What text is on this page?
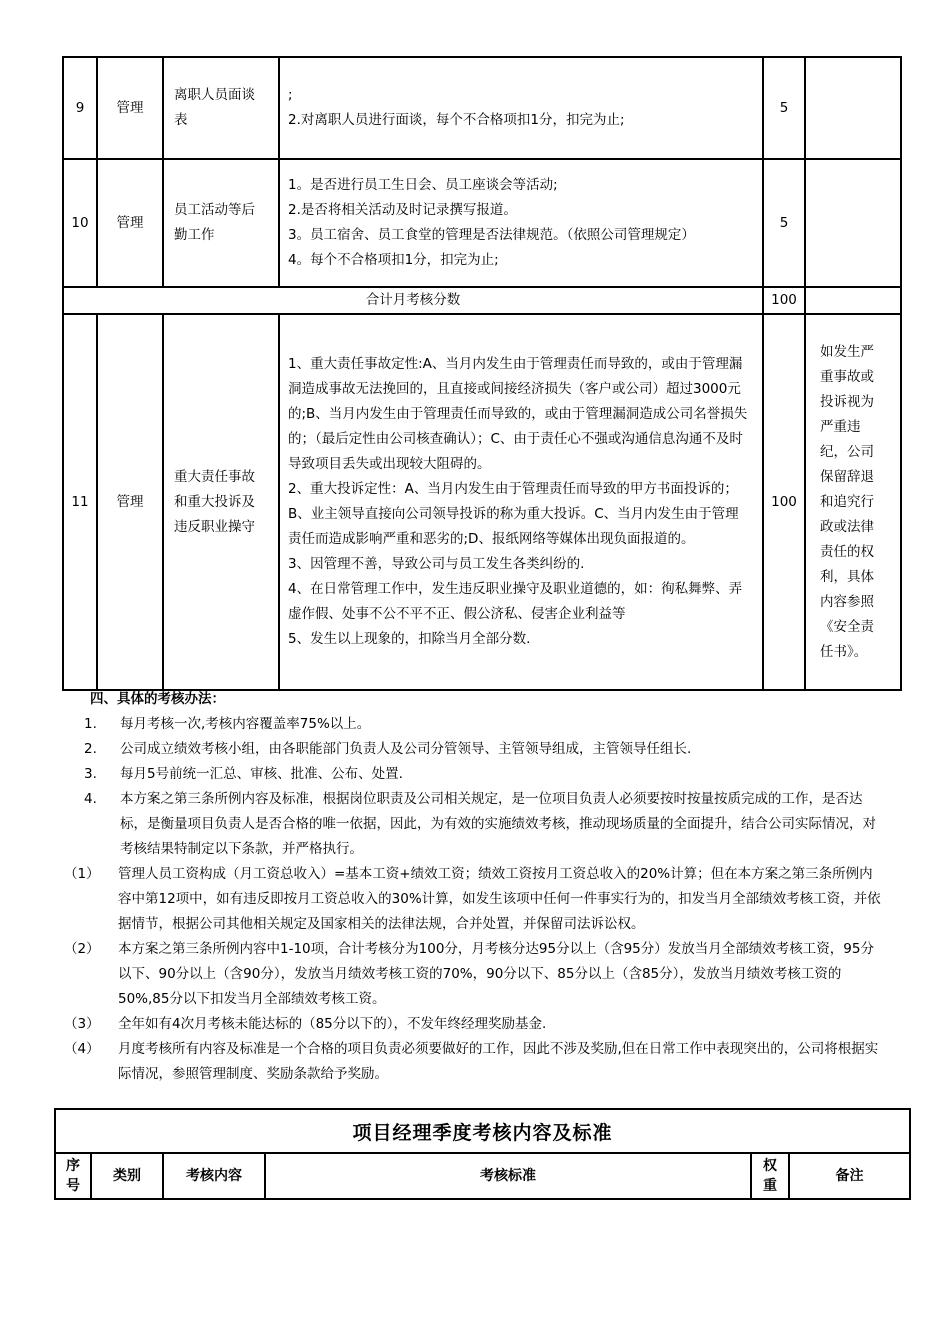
9	管理	离职人员面谈表	;
2.对离职人员进行面谈，每个不合格项扣1分，扣完为止;	5	
10	管理	员工活动等后勤工作	1。是否进行员工生日会、员工座谈会等活动;
2.是否将相关活动及时记录撰写报道。
3。员工宿舍、员工食堂的管理是否法律规范。（依照公司管理规定）
4。每个不合格项扣1分，扣完为止;	5	
合计月考核分数				100	
11	管理	重大责任事故和重大投诉及违反职业操守	1、重大责任事故定性:A、当月内发生由于管理责任而导致的，或由于管理漏洞造成事故无法挽回的，且直接或间接经济损失（客户或公司）超过3000元的;B、当月内发生由于管理责任而导致的，或由于管理漏洞造成公司名誉损失的；（最后定性由公司核查确认）；C、由于责任心不强或沟通信息沟通不及时导致项目丢失或出现较大阻碍的。
2、重大投诉定性：A、当月内发生由于管理责任而导致的甲方书面投诉的；B、业主领导直接向公司领导投诉的称为重大投诉。C、当月内发生由于管理责任而造成影响严重和恶劣的;D、报纸网络等媒体出现负面报道的。
3、因管理不善，导致公司与员工发生各类纠纷的.
4、在日常管理工作中，发生违反职业操守及职业道德的，如：徇私舞弊、弄虚作假、处事不公不平不正、假公济私、侵害企业利益等
5、发生以上现象的，扣除当月全部分数.	100	如发生严重事故或投诉视为严重违纪，公司保留辞退和追究行政或法律责任的权利，具体内容参照《安全责任书》。
四、具体的考核办法：
1.	每月考核一次,考核内容覆盖率75%以上。
2.	公司成立绩效考核小组，由各职能部门负责人及公司分管领导、主管领导组成，主管领导任组长.
3.	每月5号前统一汇总、审核、批准、公布、处置.
4.	本方案之第三条所例内容及标准，根据岗位职责及公司相关规定，是一位项目负责人必须要按时按量按质完成的工作，是否达标，是衡量项目负责人是否合格的唯一依据，因此，为有效的实施绩效考核，推动现场质量的全面提升，结合公司实际情况，对考核结果特制定以下条款，并严格执行。
（1）	管理人员工资构成（月工资总收入）=基本工资+绩效工资；绩效工资按月工资总收入的20%计算；但在本方案之第三条所例内容中第12项中，如有违反即按月工资总收入的30%计算，如发生该项中任何一件事实行为的，扣发当月全部绩效考核工资，并依据情节，根据公司其他相关规定及国家相关的法律法规，合并处置，并保留司法诉讼权。
（2）	本方案之第三条所例内容中1-10项，合计考核分为100分，月考核分达95分以上（含95分）发放当月全部绩效考核工资，95分以下、90分以上（含90分），发放当月绩效考核工资的70%，90分以下、85分以上（含85分），发放当月绩效考核工资的50%,85分以下扣发当月全部绩效考核工资。
（3）	全年如有4次月考核未能达标的（85分以下的），不发年终经理奖励基金.
（4）	月度考核所有内容及标准是一个合格的项目负责必须要做好的工作，因此不涉及奖励,但在日常工作中表现突出的，公司将根据实际情况，参照管理制度、奖励条款给予奖励。
项目经理季度考核内容及标准
序号	类别	考核内容	考核标准	权重	备注
